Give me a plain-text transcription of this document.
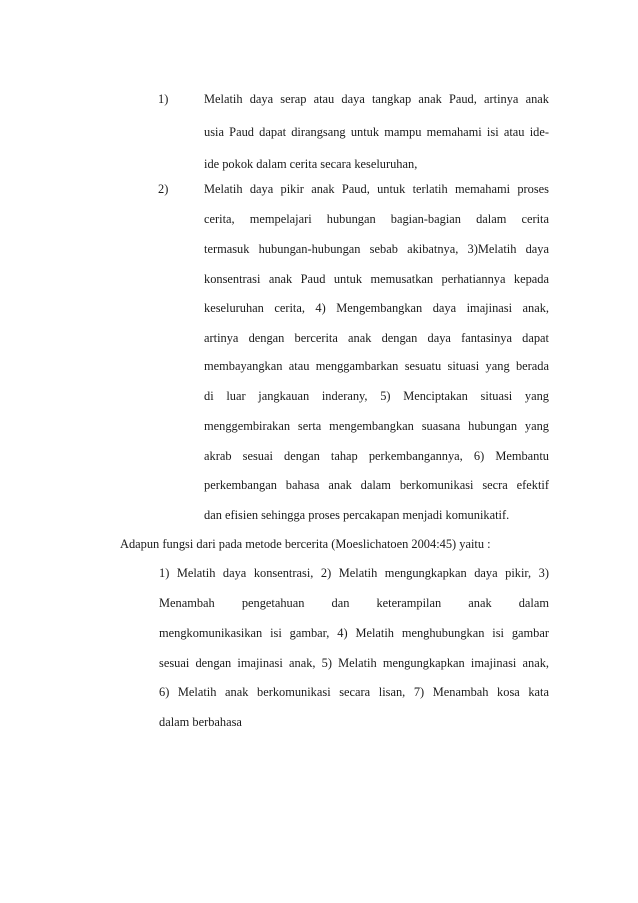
1)	Melatih daya serap atau daya tangkap anak Paud, artinya anak
usia Paud dapat dirangsang untuk mampu memahami isi atau ide-
ide pokok dalam cerita secara keseluruhan,
2)	Melatih daya pikir anak Paud, untuk terlatih memahami proses
cerita, mempelajari hubungan bagian-bagian dalam cerita
termasuk hubungan-hubungan sebab akibatnya, 3)Melatih daya
konsentrasi anak Paud untuk memusatkan perhatiannya kepada
keseluruhan cerita, 4) Mengembangkan daya imajinasi anak,
artinya dengan bercerita anak dengan daya fantasinya dapat
membayangkan atau menggambarkan sesuatu situasi yang berada
di luar jangkauan inderany, 5) Menciptakan situasi yang
menggembirakan serta mengembangkan suasana hubungan yang
akrab sesuai dengan tahap perkembangannya, 6) Membantu
perkembangan bahasa anak dalam berkomunikasi secra efektif
dan efisien sehingga proses percakapan menjadi komunikatif.
Adapun fungsi dari pada metode bercerita (Moeslichatoen 2004:45) yaitu :
1) Melatih daya konsentrasi, 2) Melatih mengungkapkan daya pikir, 3)
Menambah pengetahuan dan keterampilan anak dalam
mengkomunikasikan isi gambar, 4) Melatih menghubungkan isi gambar
sesuai dengan imajinasi anak, 5) Melatih mengungkapkan imajinasi anak,
6) Melatih anak berkomunikasi secara lisan, 7) Menambah kosa kata
dalam berbahasa
